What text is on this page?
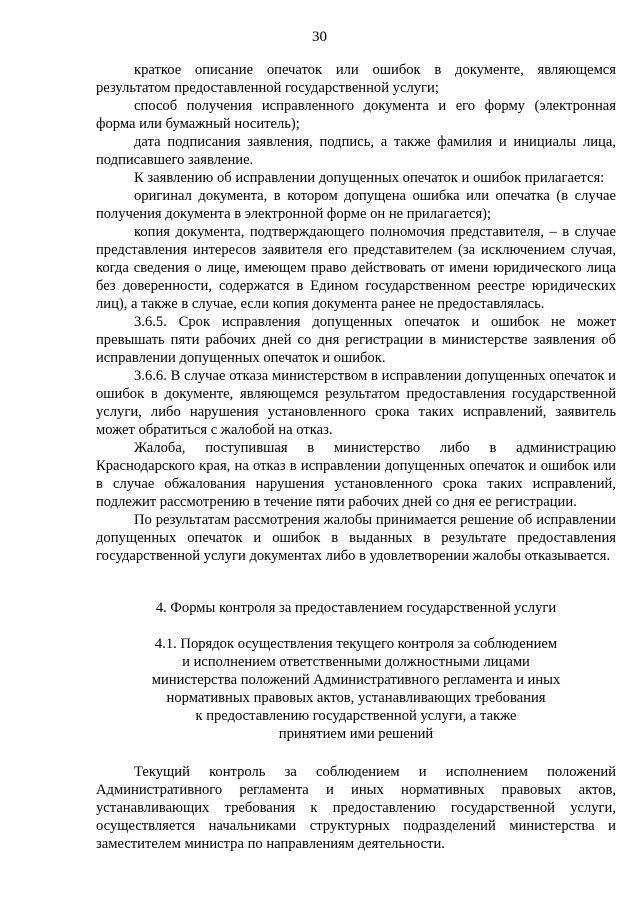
30

краткое описание опечаток или ошибок в документе, являющемся результатом предоставленной государственной услуги;

способ получения исправленного документа и его форму (электронная форма или бумажный носитель);

дата подписания заявления, подпись, а также фамилия и инициалы лица, подписавшего заявление.

К заявлению об исправлении допущенных опечаток и ошибок прилагается:

оригинал документа, в котором допущена ошибка или опечатка (в случае получения документа в электронной форме он не прилагается);

копия документа, подтверждающего полномочия представителя, – в случае представления интересов заявителя его представителем (за исключением случая, когда сведения о лице, имеющем право действовать от имени юридического лица без доверенности, содержатся в Едином государственном реестре юридических лиц), а также в случае, если копия документа ранее не предоставлялась.

3.6.5. Срок исправления допущенных опечаток и ошибок не может превышать пяти рабочих дней со дня регистрации в министерстве заявления об исправлении допущенных опечаток и ошибок.

3.6.6. В случае отказа министерством в исправлении допущенных опечаток и ошибок в документе, являющемся результатом предоставления государственной услуги, либо нарушения установленного срока таких исправлений, заявитель может обратиться с жалобой на отказ.

Жалоба, поступившая в министерство либо в администрацию Краснодарского края, на отказ в исправлении допущенных опечаток и ошибок или в случае обжалования нарушения установленного срока таких исправлений, подлежит рассмотрению в течение пяти рабочих дней со дня ее регистрации.

По результатам рассмотрения жалобы принимается решение об исправлении допущенных опечаток и ошибок в выданных в результате предоставления государственной услуги документах либо в удовлетворении жалобы отказывается.

4. Формы контроля за предоставлением государственной услуги

4.1. Порядок осуществления текущего контроля за соблюдением

и исполнением ответственными должностными лицами

министерства положений Административного регламента и иных

нормативных правовых актов, устанавливающих требования

к предоставлению государственной услуги, а также

принятием ими решений

Текущий контроль за соблюдением и исполнением положений Административного регламента и иных нормативных правовых актов, устанавливающих требования к предоставлению государственной услуги, осуществляется начальниками структурных подразделений министерства и заместителем министра по направлениям деятельности.
